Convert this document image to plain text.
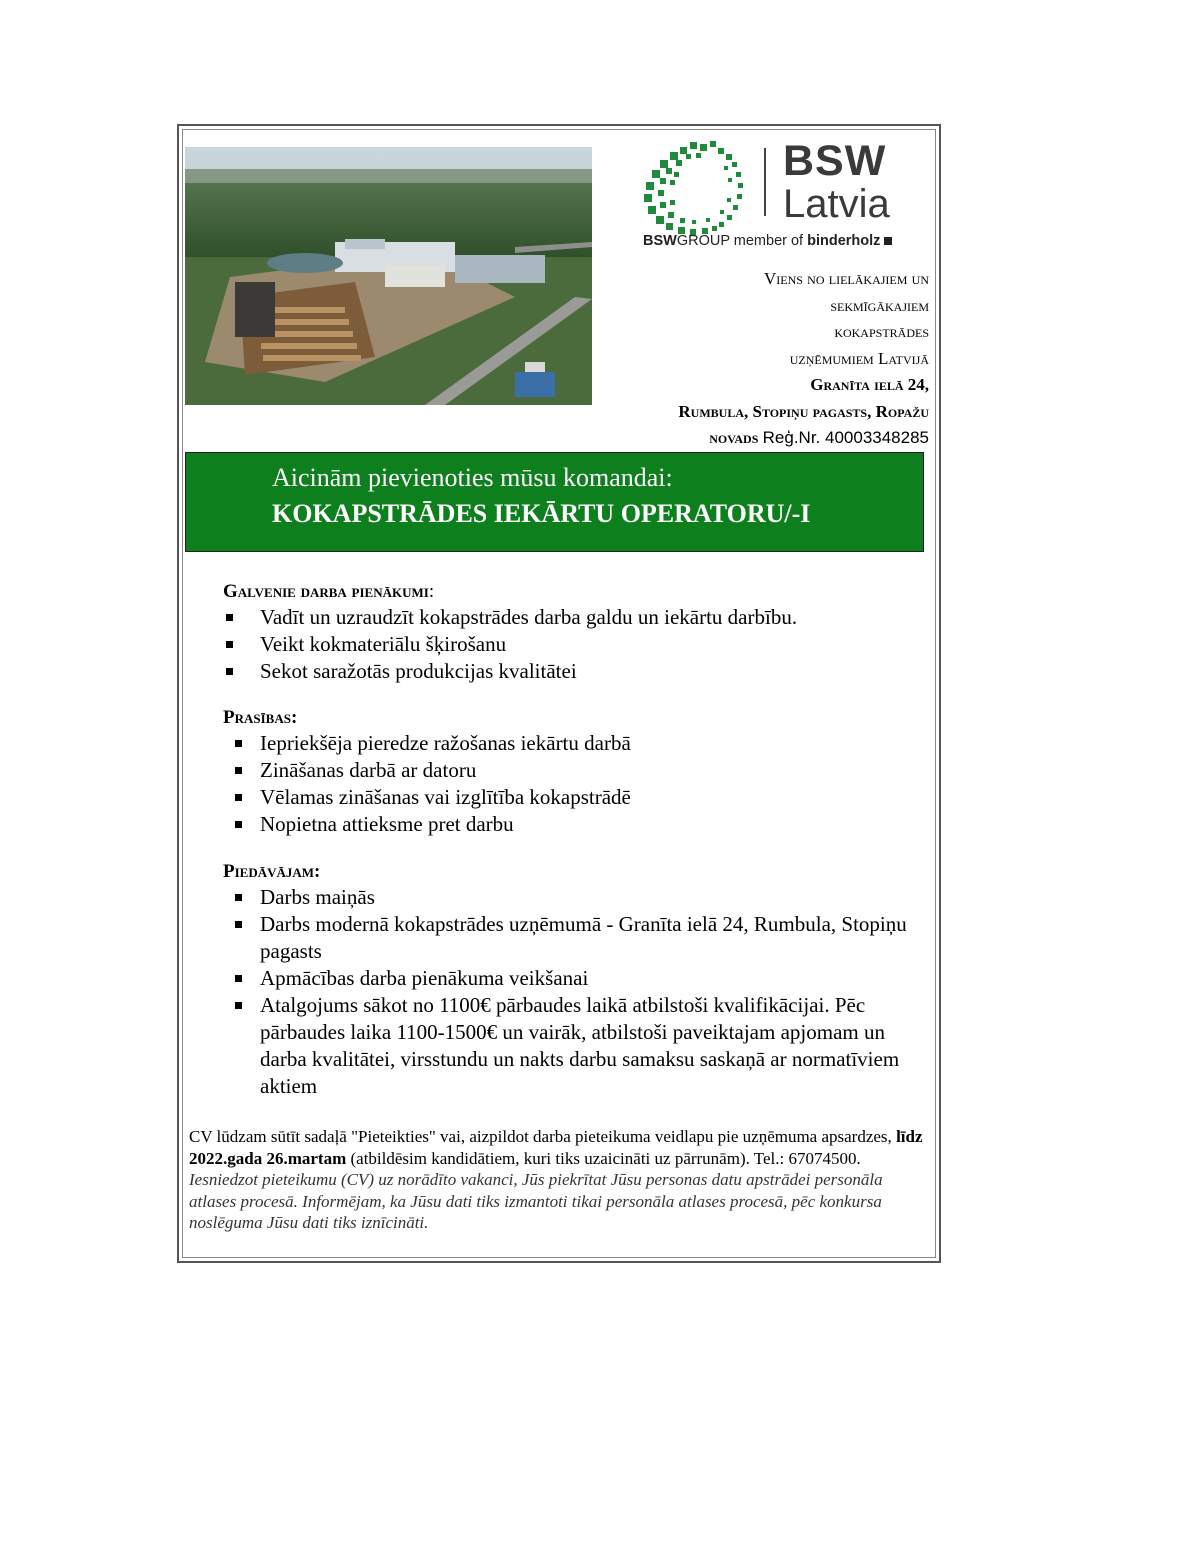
BSW
Latvia
BSWGROUP member of binderholz
Viens no lielākajiem un
sekmīgākajiem
kokapstrādes
uzņēmumiem Latvijā
Granīta ielā 24,
Rumbula, Stopiņu pagasts, Ropažu
novads Reģ.Nr. 40003348285
Aicinām pievienoties mūsu komandai:
KOKAPSTRĀDES IEKĀRTU OPERATORU/-I
Galvenie darba pienākumi:
Vadīt un uzraudzīt kokapstrādes darba galdu un iekārtu darbību.
Veikt kokmateriālu šķirošanu
Sekot saražotās produkcijas kvalitātei
Prasības:
Iepriekšēja pieredze ražošanas iekārtu darbā
Zināšanas darbā ar datoru
Vēlamas zināšanas vai izglītība kokapstrādē
Nopietna attieksme pret darbu
Piedāvājam:
Darbs maiņās
Darbs modernā kokapstrādes uzņēmumā - Granīta ielā 24, Rumbula, Stopiņu pagasts
Apmācības darba pienākuma veikšanai
Atalgojums sākot no 1100€ pārbaudes laikā atbilstoši kvalifikācijai. Pēc pārbaudes laika 1100-1500€ un vairāk, atbilstoši paveiktajam apjomam un darba kvalitātei, virsstundu un nakts darbu samaksu saskaņā ar normatīviem aktiem
CV lūdzam sūtīt sadaļā "Pieteikties" vai, aizpildot darba pieteikuma veidlapu pie uzņēmuma apsardzes, līdz 2022.gada 26.martam (atbildēsim kandidātiem, kuri tiks uzaicināti uz pārrunām). Tel.: 67074500.
Iesniedzot pieteikumu (CV) uz norādīto vakanci, Jūs piekrītat Jūsu personas datu apstrādei personāla atlases procesā. Informējam, ka Jūsu dati tiks izmantoti tikai personāla atlases procesā, pēc konkursa noslēguma Jūsu dati tiks iznīcināti.
